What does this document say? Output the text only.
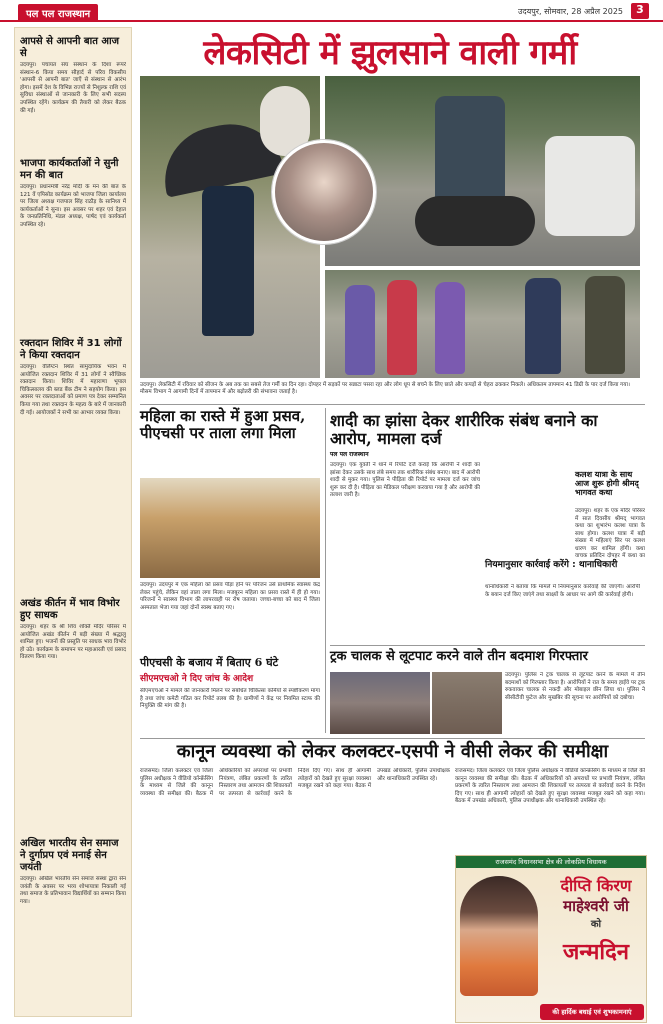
पल पल राजस्थान	उदयपुर, सोमवार, 28 अप्रैल 2025	3
आपसे से आपनी बात आज से
उदयपुर। पचायत संघ संस्थान के दिशा रूपरे संस्थान-6 किया समय सौहार्द से परिव विकसीय 'आपसी से आपनी बात' जाएँ से संस्थान से आरंभ होगा। इसमें देश के विभिन्न राज्यों से निशुल्क राशि एवं सुविधा संस्थाओं से जानकारी के लिए सभी सदस्य उपस्थित रहेंगे। कार्यक्रम की तैयारी को लेकर बैठक की गई।
भाजपा कार्यकर्ताओं ने सुनी मन की बात
उदयपुर। प्रधानमंत्री नरेंद्र मोदी के मन की बात के 121 वें एपिसोड कार्यक्रम को भाजपा जिला कार्यालय पर जिला अध्यक्ष गजपाल सिंह राठौड़ के सानिध्य में कार्यकर्ताओं ने सुना। इस अवसर पर शहर एवं देहात के जनप्रतिनिधि, मंडल अध्यक्ष, पार्षद एवं कार्यकर्ता उपस्थित रहे।
रक्तदान शिविर में 31 लोगों ने किया रक्तदान
उदयपुर। वेलिंग्टन स्थित सामुदायिक भवन में आयोजित रक्तदान शिविर में 31 लोगों ने स्वैच्छिक रक्तदान किया। शिविर में महाराणा भूपाल चिकित्सालय की ब्लड बैंक टीम ने सहयोग किया। इस अवसर पर रक्तदाताओं को प्रमाण पत्र देकर सम्मानित किया गया तथा रक्तदान के महत्व के बारे में जानकारी दी गई। आयोजकों ने सभी का आभार व्यक्त किया।
अखंड कीर्तन में भाव विभोर हुए साधक
उदयपुर। शहर के श्री शिव शक्ति मंदिर परिसर में आयोजित अखंड कीर्तन में बड़ी संख्या में श्रद्धालु शामिल हुए। भजनों की प्रस्तुति पर साधक भाव विभोर हो उठे। कार्यक्रम के समापन पर महाआरती एवं प्रसाद वितरण किया गया।
अखिल भारतीय सेन समाज ने दुर्गाप्रप एवं मनाई सेन जयंती
उदयपुर। अखिल भारतीय सेन समाज संस्था द्वारा सेन जयंती के अवसर पर भव्य शोभायात्रा निकाली गई तथा समाज के प्रतिभावान विद्यार्थियों का सम्मान किया गया।
लेकसिटी में झुलसाने वाली गर्मी
उदयपुर। लेकसिटी में रविवार को सीजन के अब तक का सबसे तेज गर्मी का दिन रहा। दोपहर में सड़कों पर सन्नाटा पसरा रहा और लोग धूप से बचने के लिए छाते और कपड़ों से चेहरा ढककर निकले। अधिकतम तापमान 41 डिग्री के पार दर्ज किया गया। मौसम विभाग ने आगामी दिनों में तापमान में और बढ़ोतरी की संभावना जताई है।
महिला का रास्ते में हुआ प्रसव, पीएचसी पर ताला लगा मिला
उदयपुर। उदयपुर में एक महिला को प्रसव पीड़ा होने पर परिजन उसे प्राथमिक स्वास्थ्य केंद्र लेकर पहुंचे, लेकिन वहां ताला लगा मिला। मजबूरन महिला का प्रसव रास्ते में ही हो गया। परिजनों ने स्वास्थ्य विभाग की लापरवाही पर रोष जताया। जच्चा-बच्चा को बाद में जिला अस्पताल भेजा गया जहां दोनों स्वस्थ बताए गए।
पीएचसी के बजाय में बिताए 6 घंटे
सीएमएचओ ने दिए जांच के आदेश
सीएमएचओ ने मामले की जानकारी मिलने पर संबंधित चिकित्सा कर्मियों से स्पष्टीकरण मांगा है तथा जांच कमेटी गठित कर रिपोर्ट तलब की है। ग्रामीणों ने केंद्र पर नियमित स्टाफ की नियुक्ति की मांग की है।
शादी का झांसा देकर शारीरिक संबंध बनाने का आरोप, मामला दर्ज
पल पल राजस्थान
उदयपुर। एक युवती ने थाने में रिपोर्ट दर्ज कराई कि आरोपी ने शादी का झांसा देकर उसके साथ लंबे समय तक शारीरिक संबंध बनाए। बाद में आरोपी शादी से मुकर गया। पुलिस ने पीड़िता की रिपोर्ट पर मामला दर्ज कर जांच शुरू कर दी है। पीड़िता का मेडिकल परीक्षण करवाया गया है और आरोपी की तलाश जारी है।
नियमानुसार कार्रवाई करेंगे : थानाधिकारी
थानाधिकारी ने बताया कि मामले में नियमानुसार कार्रवाई की जाएगी। आरोपी के बयान दर्ज किए जाएंगे तथा साक्ष्यों के आधार पर आगे की कार्रवाई होगी।
कलश यात्रा के साथ आज शुरू होगी श्रीमद् भागवत कथा
उदयपुर। शहर के एक मंदिर परिसर में सात दिवसीय श्रीमद् भागवत कथा का शुभारंभ कलश यात्रा के साथ होगा। कलश यात्रा में बड़ी संख्या में महिलाएं सिर पर कलश धारण कर शामिल होंगी। कथा वाचक प्रतिदिन दोपहर में कथा का
ट्रक चालक से लूटपाट करने वाले तीन बदमाश गिरफ्तार
उदयपुर। पुलिस ने ट्रक चालक से लूटपाट करने के मामले में तीन बदमाशों को गिरफ्तार किया है। आरोपियों ने रात के समय हाईवे पर ट्रक रुकवाकर चालक से नकदी और मोबाइल छीन लिया था। पुलिस ने सीसीटीवी फुटेज और मुखबिर की सूचना पर आरोपियों को दबोचा।
कानून व्यवस्था को लेकर कलक्टर-एसपी ने वीसी लेकर की समीक्षा
राजसमंद। जिला कलक्टर एवं जिला पुलिस अधीक्षक ने वीडियो कॉन्फ्रेंसिंग के माध्यम से जिले की कानून व्यवस्था की समीक्षा की। बैठक में अधिकारियों को अपराधों पर प्रभावी नियंत्रण, लंबित प्रकरणों के त्वरित निस्तारण तथा आमजन की शिकायतों पर तत्परता से कार्रवाई करने के निर्देश दिए गए। साथ ही आगामी त्योहारों को देखते हुए सुरक्षा व्यवस्था मजबूत रखने को कहा गया। बैठक में उपखंड अधिकारी, पुलिस उपाधीक्षक और थानाधिकारी उपस्थित रहे।
राजसमंद। जिला कलक्टर एवं जिला पुलिस अधीक्षक ने वीडियो कॉन्फ्रेंसिंग के माध्यम से जिले की कानून व्यवस्था की समीक्षा की। बैठक में अधिकारियों को अपराधों पर प्रभावी नियंत्रण, लंबित प्रकरणों के त्वरित निस्तारण तथा आमजन की शिकायतों पर तत्परता से कार्रवाई करने के निर्देश दिए गए। साथ ही आगामी त्योहारों को देखते हुए सुरक्षा व्यवस्था मजबूत रखने को कहा गया। बैठक में उपखंड अधिकारी, पुलिस उपाधीक्षक और थानाधिकारी उपस्थित रहे।
राजसमंद विधानसभा क्षेत्र की लोकप्रिय विधायक
दीप्ति किरण
माहेश्वरी जी
को
जन्मदिन
की हार्दिक बधाई एवं शुभकामनाएं
